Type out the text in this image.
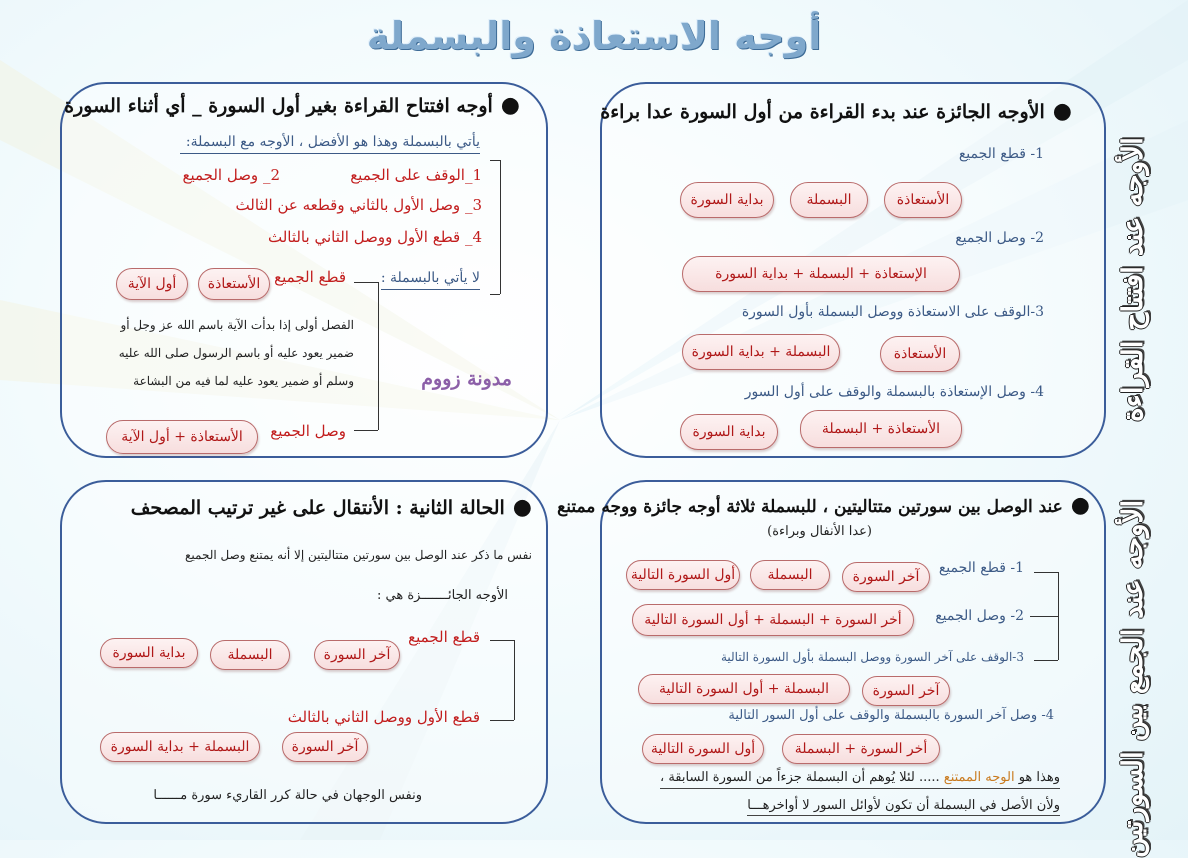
أوجه الاستعاذة والبسملة
الأوجه عند افتتاح القراءة
الأوجه عند الجمع بين السورتين
●الأوجه الجائزة عند بدء القراءة من أول السورة عدا براءة
1- قطع الجميع
الأستعاذة
البسملة
بداية السورة
2- وصل الجميع
الإستعاذة + البسملة + بداية السورة
3-الوقف على الاستعاذة ووصل البسملة بأول السورة
الأستعاذة
البسملة + بداية السورة
4- وصل الإستعاذة بالبسملة والوقف على أول السور
الأستعاذة + البسملة
بداية السورة
●أوجه افتتاح القراءة بغير أول السورة _ أي أثناء السورة
يأتي بالبسملة وهذا هو الأفضل ، الأوجه مع البسملة:
1_الوقف على الجميع
2_ وصل الجميع
3_ وصل الأول بالثاني وقطعه عن الثالث
4_ قطع الأول ووصل الثاني بالثالث
لا يأتي بالبسملة :
قطع الجميع
الأستعاذة
أول الآية
الفصل أولى إذا بدأت الآية باسم الله عز وجل أو
ضمير يعود عليه أو باسم الرسول صلى الله عليه
وسلم أو ضمير يعود عليه لما فيه من البشاعة	مدونة زووم
وصل الجميع
الأستعاذة + أول الآية
●عند الوصل بين سورتين متتاليتين ، للبسملة ثلاثة أوجه جائزة ووجه ممتنع
(عدا الأنفال وبراءة)
1- قطع الجميع
آخر السورة
البسملة
أول السورة التالية
2- وصل الجميع
أخر السورة + البسملة + أول السورة التالية
3-الوقف على آخر السورة ووصل البسملة بأول السورة التالية
آخر السورة
البسملة + أول السورة التالية
4- وصل آخر السورة بالبسملة والوقف على أول السور التالية
أخر السورة + البسملة
أول السورة التالية
وهذا هو الوجه الممتنع ..... لئلا يُوهم أن البسملة جزءاً من السورة السابقة ،
ولأن الأصل في البسملة أن تكون لأوائل السور لا أواخرهـــا
●الحالة الثانية : الأنتقال على غير ترتيب المصحف
نفس ما ذكر عند الوصل بين سورتين متتاليتين إلا أنه يمتنع وصل الجميع
الأوجه الجائـــــــزة هي :
قطع الجميع
آخر السورة
البسملة
بداية السورة
قطع الأول ووصل الثاني بالثالث
آخر السورة
البسملة + بداية السورة
ونفس الوجهان في حالة كرر القاريء سورة مــــــا
